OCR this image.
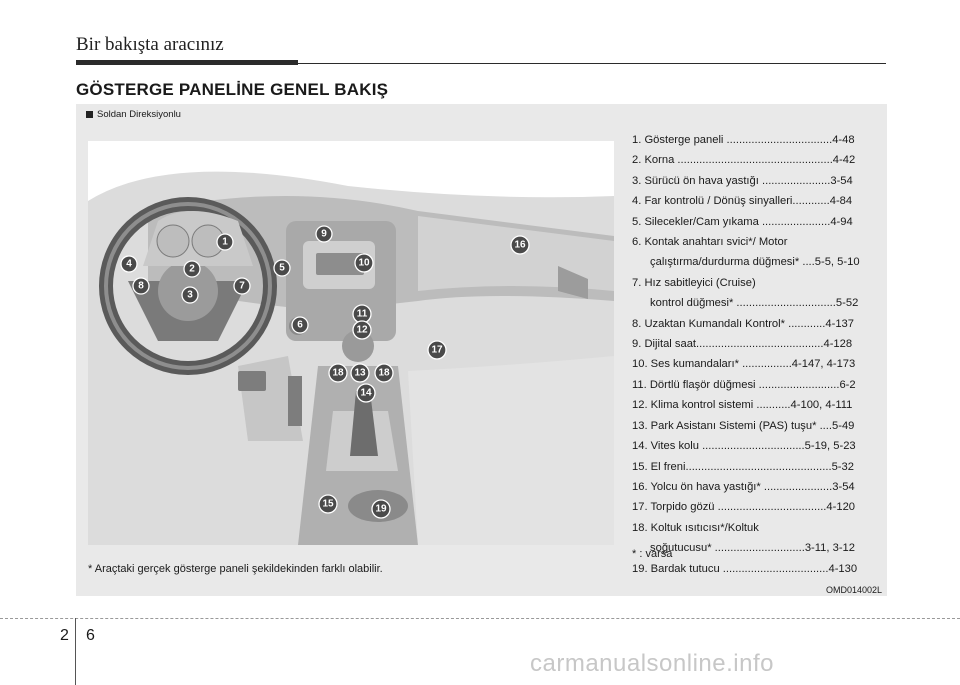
Bir bakışta aracınız
GÖSTERGE PANELİNE GENEL BAKIŞ
Soldan Direksiyonlu
1
2
3
4	5
6
7
8
9
10
11
12
13
14
15
16
17
18	18
19
1. Gösterge paneli ..................................4-48
2. Korna ..................................................4-42
3. Sürücü ön hava yastığı ......................3-54
4. Far kontrolü / Dönüş sinyalleri............4-84
5. Silecekler/Cam yıkama ......................4-94
6. Kontak anahtarı svici*/ Motor
çalıştırma/durdurma düğmesi* ....5-5, 5-10
7. Hız sabitleyici (Cruise)
kontrol düğmesi* ................................5-52
8. Uzaktan Kumandalı Kontrol* ............4-137
9. Dijital saat.........................................4-128
10. Ses kumandaları* ................4-147, 4-173
11. Dörtlü flaşör düğmesi ..........................6-2
12. Klima kontrol sistemi ...........4-100, 4-111
13. Park Asistanı Sistemi (PAS) tuşu* ....5-49
14. Vites kolu .................................5-19, 5-23
15. El freni...............................................5-32
16. Yolcu ön hava yastığı* ......................3-54
17. Torpido gözü ...................................4-120
18. Koltuk ısıtıcısı*/Koltuk
soğutucusu* .............................3-11, 3-12
19. Bardak tutucu ..................................4-130
* : varsa
* Araçtaki gerçek gösterge paneli şekildekinden farklı olabilir.
OMD014002L
2 6
carmanualsonline.info
